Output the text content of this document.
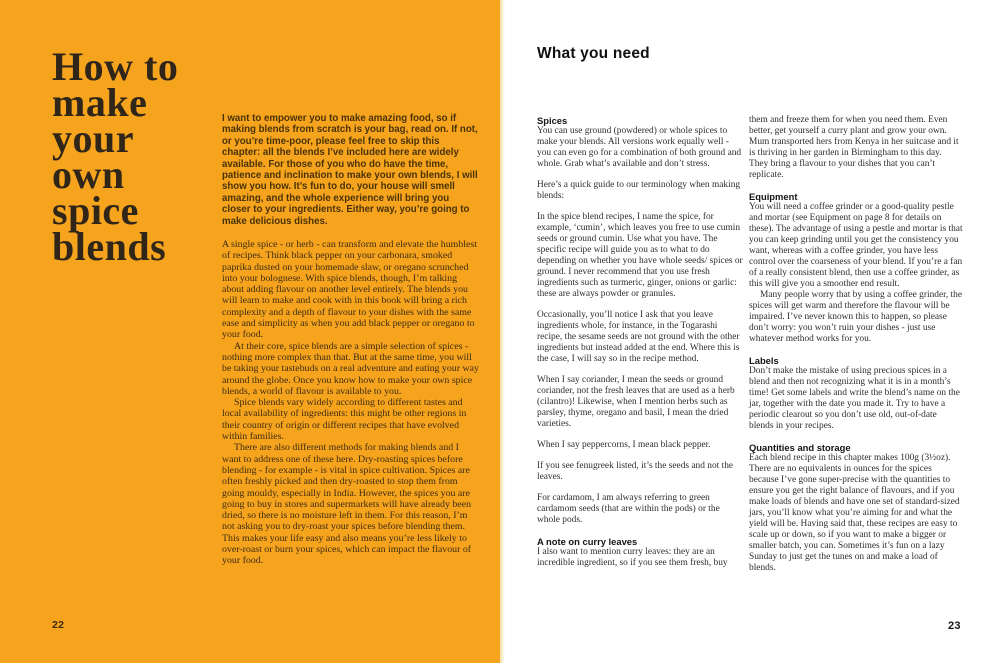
How to
make
your
own
spice
blends
I want to empower you to make amazing food, so if making blends from scratch is your bag, read on. If not, or you’re time-poor, please feel free to skip this chapter: all the blends I’ve included here are widely available. For those of you who do have the time, patience and inclination to make your own blends, I will show you how. It’s fun to do, your house will smell amazing, and the whole experience will bring you closer to your ingredients. Either way, you’re going to make delicious dishes.

A single spice - or herb - can transform and elevate the humblest of recipes. Think black pepper on your carbonara, smoked paprika dusted on your homemade slaw, or oregano scrunched into your bolognese. With spice blends, though, I’m talking about adding flavour on another level entirely. The blends you will learn to make and cook with in this book will bring a rich complexity and a depth of flavour to your dishes with the same ease and simplicity as when you add black pepper or oregano to your food.

At their core, spice blends are a simple selection of spices - nothing more complex than that. But at the same time, you will be taking your tastebuds on a real adventure and eating your way around the globe. Once you know how to make your own spice blends, a world of flavour is available to you.

Spice blends vary widely according to different tastes and local availability of ingredients: this might be other regions in their country of origin or different recipes that have evolved within families.

There are also different methods for making blends and I want to address one of these here. Dry-roasting spices before blending - for example - is vital in spice cultivation. Spices are often freshly picked and then dry-roasted to stop them from going mouldy, especially in India. However, the spices you are going to buy in stores and supermarkets will have already been dried, so there is no moisture left in them. For this reason, I’m not asking you to dry-roast your spices before blending them. This makes your life easy and also means you’re less likely to over-roast or burn your spices, which can impact the flavour of your food.

22
What you need
Spices

You can use ground (powdered) or whole spices to make your blends. All versions work equally well - you can even go for a combination of both ground and whole. Grab what’s available and don’t stress.

Here’s a quick guide to our terminology when making blends:

In the spice blend recipes, I name the spice, for example, ‘cumin’, which leaves you free to use cumin seeds or ground cumin. Use what you have. The specific recipe will guide you as to what to do depending on whether you have whole seeds/ spices or ground. I never recommend that you use fresh ingredients such as turmeric, ginger, onions or garlic: these are always powder or granules.

Occasionally, you’ll notice I ask that you leave ingredients whole, for instance, in the Togarashi recipe, the sesame seeds are not ground with the other ingredients but instead added at the end. Where this is the case, I will say so in the recipe method.

When I say coriander, I mean the seeds or ground coriander, not the fresh leaves that are used as a herb (cilantro)! Likewise, when I mention herbs such as parsley, thyme, oregano and basil, I mean the dried varieties.

When I say peppercorns, I mean black pepper.

If you see fenugreek listed, it’s the seeds and not the leaves.

For cardamom, I am always referring to green cardamom seeds (that are within the pods) or the whole pods.

A note on curry leaves

I also want to mention curry leaves: they are an incredible ingredient, so if you see them fresh, buy

them and freeze them for when you need them. Even better, get yourself a curry plant and grow your own. Mum transported hers from Kenya in her suitcase and it is thriving in her garden in Birmingham to this day. They bring a flavour to your dishes that you can’t replicate.

Equipment

You will need a coffee grinder or a good-quality pestle and mortar (see Equipment on page 8 for details on these). The advantage of using a pestle and mortar is that you can keep grinding until you get the consistency you want, whereas with a coffee grinder, you have less control over the coarseness of your blend. If you’re a fan of a really consistent blend, then use a coffee grinder, as this will give you a smoother end result.

Many people worry that by using a coffee grinder, the spices will get warm and therefore the flavour will be impaired. I’ve never known this to happen, so please don’t worry: you won’t ruin your dishes - just use whatever method works for you.

Labels

Don’t make the mistake of using precious spices in a blend and then not recognizing what it is in a month’s time! Get some labels and write the blend’s name on the jar, together with the date you made it. Try to have a periodic clearout so you don’t use old, out-of-date blends in your recipes.

Quantities and storage

Each blend recipe in this chapter makes 100g (3½oz). There are no equivalents in ounces for the spices because I’ve gone super-precise with the quantities to ensure you get the right balance of flavours, and if you make loads of blends and have one set of standard-sized jars, you’ll know what you’re aiming for and what the yield will be. Having said that, these recipes are easy to scale up or down, so if you want to make a bigger or smaller batch, you can. Sometimes it’s fun on a lazy Sunday to just get the tunes on and make a load of blends.

23
